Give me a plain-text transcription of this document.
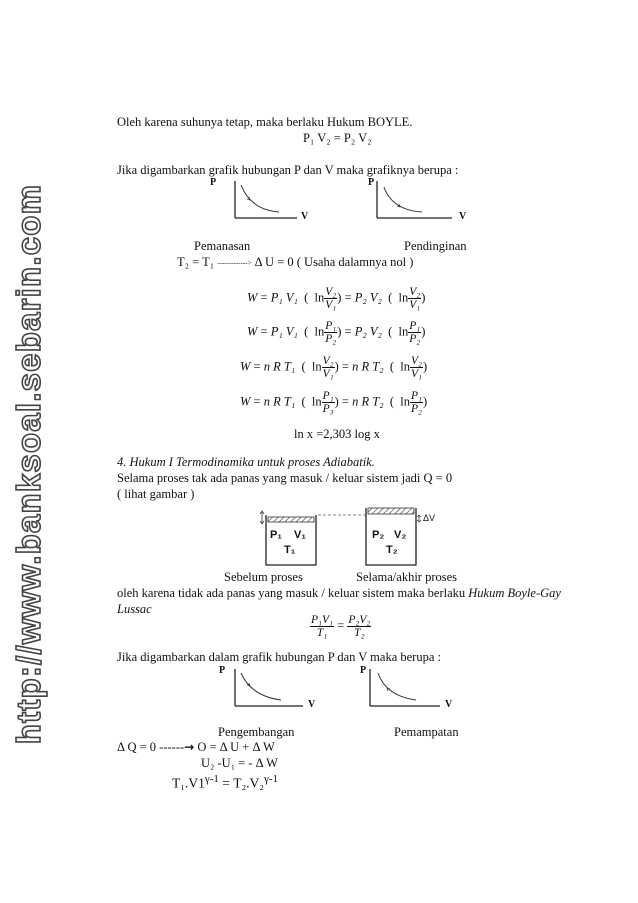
http://www.banksoal.sebarin.com
Oleh karena suhunya tetap, maka berlaku Hukum BOYLE.
P₁ V₂ = P₂ V₂
Jika digambarkan grafik hubungan P dan V maka grafiknya berupa :
P
V
P
V
Pemanasan	Pendinginan
T₂ = T₁ -------------> Δ U = 0 ( Usaha dalamnya nol )
W = P₁ V₁ ( $\ln \frac{\text{V₂}}{\text{V₁}}$ ) = P₂ V₂ ( $\ln \frac{\text{V₂}}{\text{V₁}}$ )
W = P₁ V₁ ( $\ln \frac{\text{P₁}}{\text{P₂}}$ ) = P₂ V₂ ( $\ln \frac{\text{P₁}}{\text{P₂}}$ )
W = n R T₁ ( $\ln \frac{\text{V₂}}{\text{V₁}}$ ) = n R T₂ ( $\ln \frac{\text{V₂}}{\text{V₁}}$ )
W = n R T₁ ( $\ln \frac{\text{P₁}}{\text{P₃}}$ ) = n R T₂ ( $\ln \frac{\text{P₁}}{\text{P₂}}$ )
ln x =2,303 log x
4. Hukum I Termodinamika untuk proses Adiabatik.
Selama proses tak ada panas yang masuk / keluar sistem jadi Q = 0
( lihat gambar )
P₁ V₁
T₁
P₂ V₂
T₂
ΔV
Sebelum proses	Selama/akhir proses
oleh karena tidak ada panas yang masuk / keluar sistem maka berlaku Hukum Boyle-Gay
Lussac
$\frac{\text{P₁V₁}}{\text{T₁}} = \frac{\text{P₂V₂}}{\text{T₂}}$
Jika digambarkan dalam grafik hubungan P dan V maka berupa :
P
V
P
V
Pengembangan	Pemampatan
Δ Q = 0 ------→ O = Δ U + Δ W
U₂ -U₁ = - Δ W
$T_1.V1^{\gamma-1} = T_2.V_2^{\gamma-1}$
